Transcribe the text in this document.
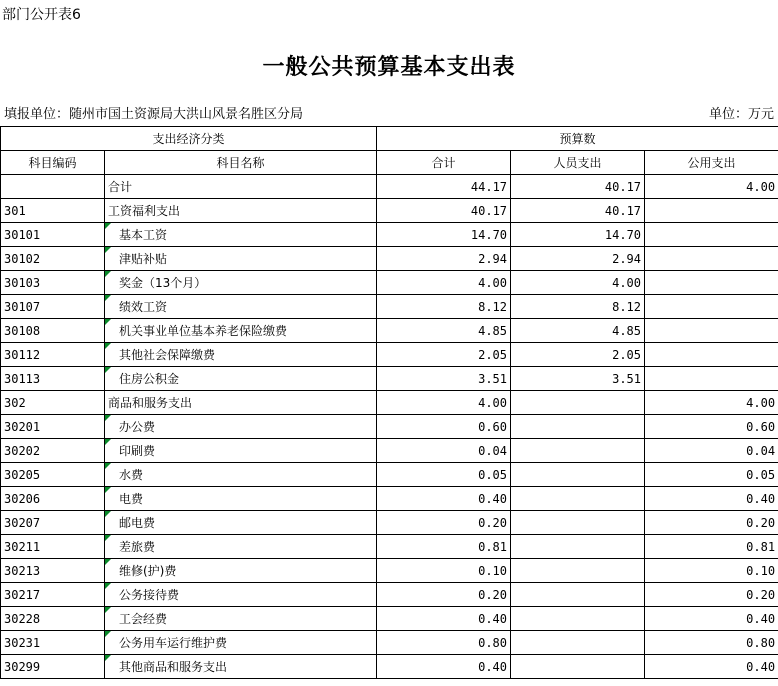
部门公开表6
一般公共预算基本支出表
填报单位：随州市国土资源局大洪山风景名胜区分局	单位：万元
支出经济分类		预算数		
科目编码	科目名称	合计	人员支出	公用支出
	合计	44.17	40.17	4.00
301	工资福利支出	40.17	40.17	
30101	基本工资	14.70	14.70	
30102	津贴补贴	2.94	2.94	
30103	奖金（13个月）	4.00	4.00	
30107	绩效工资	8.12	8.12	
30108	机关事业单位基本养老保险缴费	4.85	4.85	
30112	其他社会保障缴费	2.05	2.05	
30113	住房公积金	3.51	3.51	
302	商品和服务支出	4.00		4.00
30201	办公费	0.60		0.60
30202	印刷费	0.04		0.04
30205	水费	0.05		0.05
30206	电费	0.40		0.40
30207	邮电费	0.20		0.20
30211	差旅费	0.81		0.81
30213	维修(护)费	0.10		0.10
30217	公务接待费	0.20		0.20
30228	工会经费	0.40		0.40
30231	公务用车运行维护费	0.80		0.80
30299	其他商品和服务支出	0.40		0.40
